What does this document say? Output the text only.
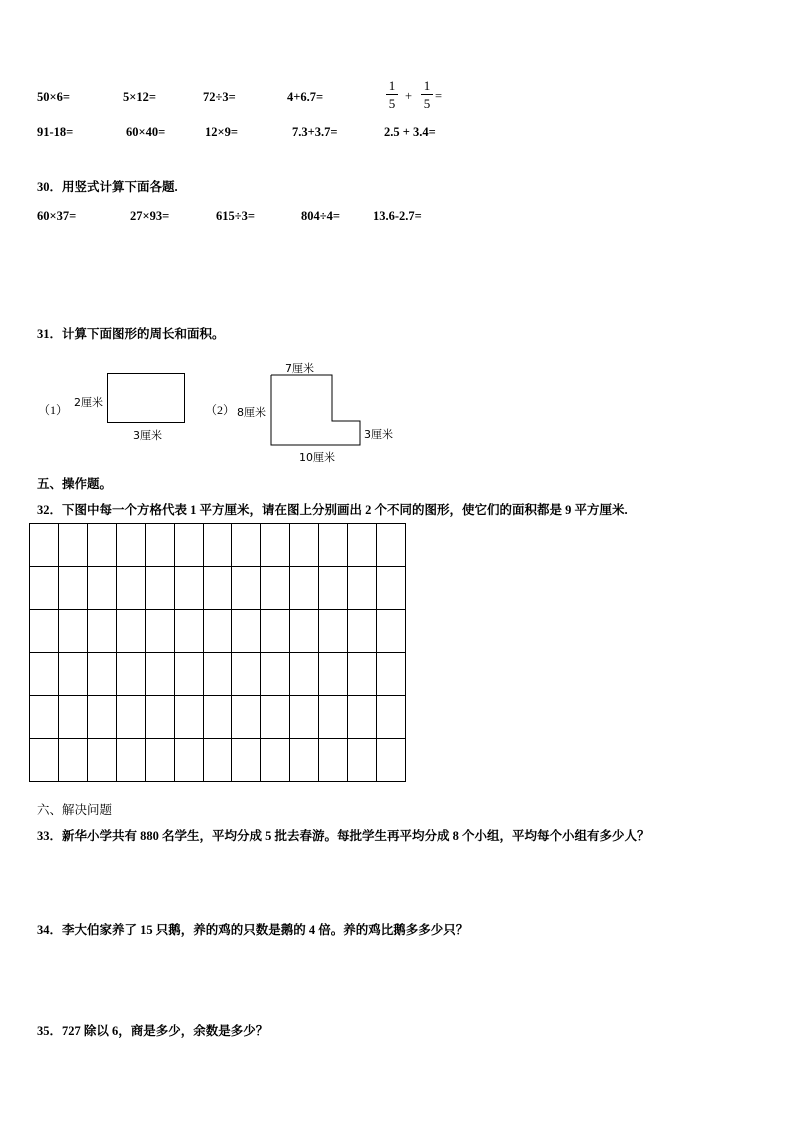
50×6=	5×12=	72÷3=	4+6.7=
1
5 +
1
5 =
91-18=	60×40=	12×9=	7.3+3.7=	2.5 + 3.4=
30．用竖式计算下面各题.
60×37=	27×93=	615÷3=	804÷4=	13.6-2.7=
31．计算下面图形的周长和面积。
（1）
2厘米
3厘米
（2）
7厘米
8厘米
3厘米
10厘米
五、操作题。
32．下图中每一个方格代表 1 平方厘米，请在图上分别画出 2 个不同的图形，使它们的面积都是 9 平方厘米.

六、解决问题
33．新华小学共有 880 名学生，平均分成 5 批去春游。每批学生再平均分成 8 个小组，平均每个小组有多少人？
34．李大伯家养了 15 只鹅，养的鸡的只数是鹅的 4 倍。养的鸡比鹅多多少只？
35．727 除以 6，商是多少，余数是多少？
